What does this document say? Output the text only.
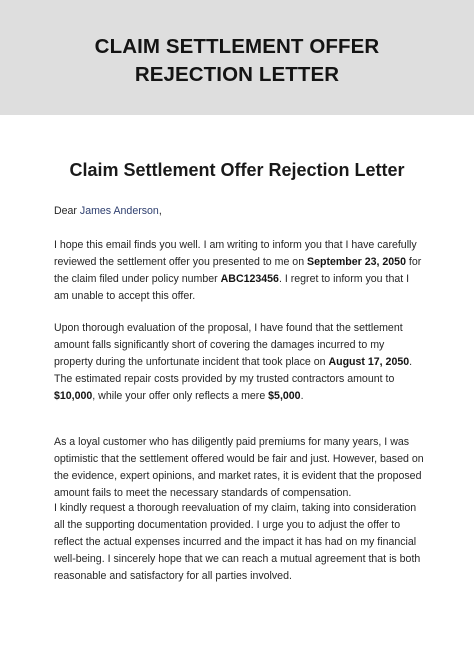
CLAIM SETTLEMENT OFFER
REJECTION LETTER
Claim Settlement Offer Rejection Letter
Dear James Anderson,
I hope this email finds you well. I am writing to inform you that I have carefully reviewed the settlement offer you presented to me on September 23, 2050 for the claim filed under policy number ABC123456. I regret to inform you that I am unable to accept this offer.
Upon thorough evaluation of the proposal, I have found that the settlement amount falls significantly short of covering the damages incurred to my property during the unfortunate incident that took place on August 17, 2050. The estimated repair costs provided by my trusted contractors amount to $10,000, while your offer only reflects a mere $5,000.
As a loyal customer who has diligently paid premiums for many years, I was optimistic that the settlement offered would be fair and just. However, based on the evidence, expert opinions, and market rates, it is evident that the proposed amount fails to meet the necessary standards of compensation.
I kindly request a thorough reevaluation of my claim, taking into consideration all the supporting documentation provided. I urge you to adjust the offer to reflect the actual expenses incurred and the impact it has had on my financial well-being. I sincerely hope that we can reach a mutual agreement that is both reasonable and satisfactory for all parties involved.
